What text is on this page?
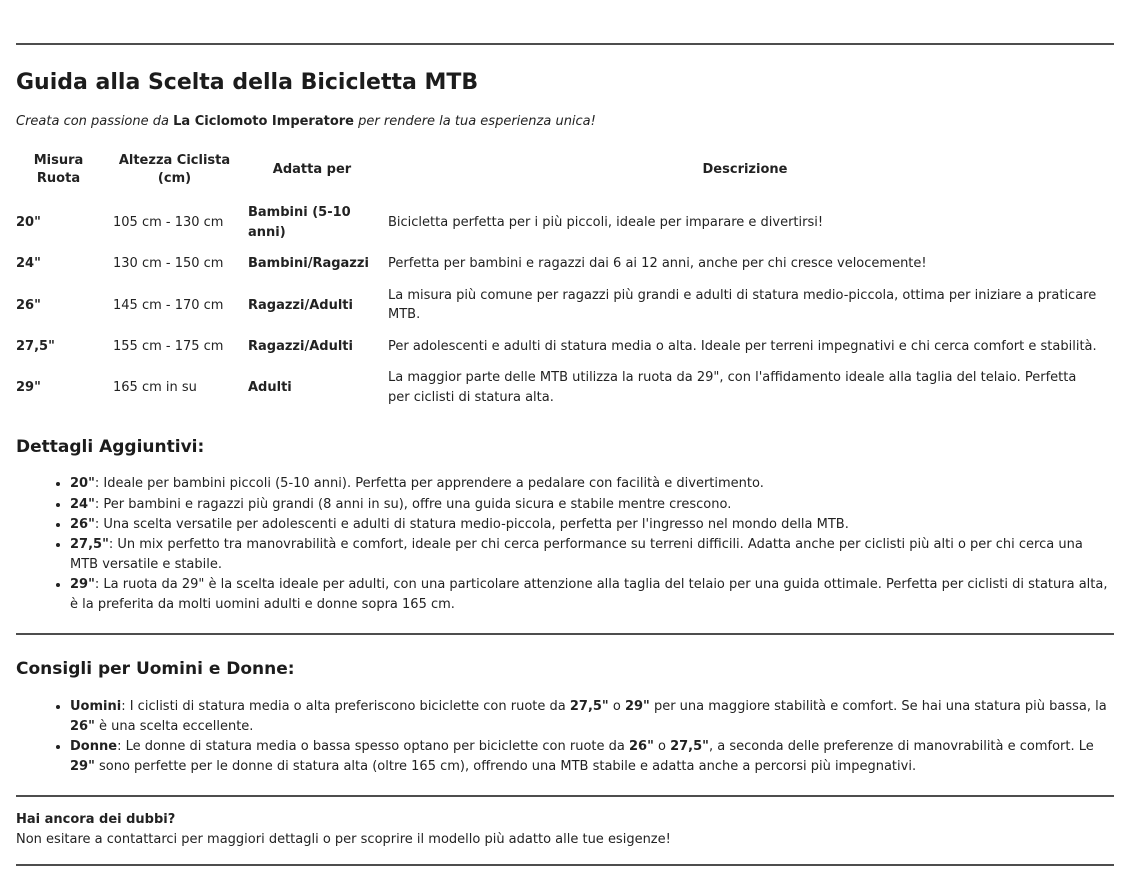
Guida alla Scelta della Bicicletta MTB

Creata con passione da La Ciclomoto Imperatore per rendere la tua esperienza unica!

Misura Ruota	Altezza Ciclista (cm)	Adatta per	Descrizione
20"	105 cm - 130 cm	Bambini (5-10 anni)	Bicicletta perfetta per i più piccoli, ideale per imparare e divertirsi!
24"	130 cm - 150 cm	Bambini/Ragazzi	Perfetta per bambini e ragazzi dai 6 ai 12 anni, anche per chi cresce velocemente!
26"	145 cm - 170 cm	Ragazzi/Adulti	La misura più comune per ragazzi più grandi e adulti di statura medio-piccola, ottima per iniziare a praticare MTB.
27,5"	155 cm - 175 cm	Ragazzi/Adulti	Per adolescenti e adulti di statura media o alta. Ideale per terreni impegnativi e chi cerca comfort e stabilità.
29"	165 cm in su	Adulti	La maggior parte delle MTB utilizza la ruota da 29", con l'affidamento ideale alla taglia del telaio. Perfetta per ciclisti di statura alta.
Dettagli Aggiuntivi:
• 20": Ideale per bambini piccoli (5-10 anni). Perfetta per apprendere a pedalare con facilità e divertimento.
• 24": Per bambini e ragazzi più grandi (8 anni in su), offre una guida sicura e stabile mentre crescono.
• 26": Una scelta versatile per adolescenti e adulti di statura medio-piccola, perfetta per l'ingresso nel mondo della MTB.
• 27,5": Un mix perfetto tra manovrabilità e comfort, ideale per chi cerca performance su terreni difficili. Adatta anche per ciclisti più alti o per chi cerca una MTB versatile e stabile.
• 29": La ruota da 29" è la scelta ideale per adulti, con una particolare attenzione alla taglia del telaio per una guida ottimale. Perfetta per ciclisti di statura alta, è la preferita da molti uomini adulti e donne sopra 165 cm.
Consigli per Uomini e Donne:
• Uomini: I ciclisti di statura media o alta preferiscono biciclette con ruote da 27,5" o 29" per una maggiore stabilità e comfort. Se hai una statura più bassa, la 26" è una scelta eccellente.
• Donne: Le donne di statura media o bassa spesso optano per biciclette con ruote da 26" o 27,5", a seconda delle preferenze di manovrabilità e comfort. Le 29" sono perfette per le donne di statura alta (oltre 165 cm), offrendo una MTB stabile e adatta anche a percorsi più impegnativi.

Hai ancora dei dubbi?

Non esitare a contattarci per maggiori dettagli o per scoprire il modello più adatto alle tue esigenze!
